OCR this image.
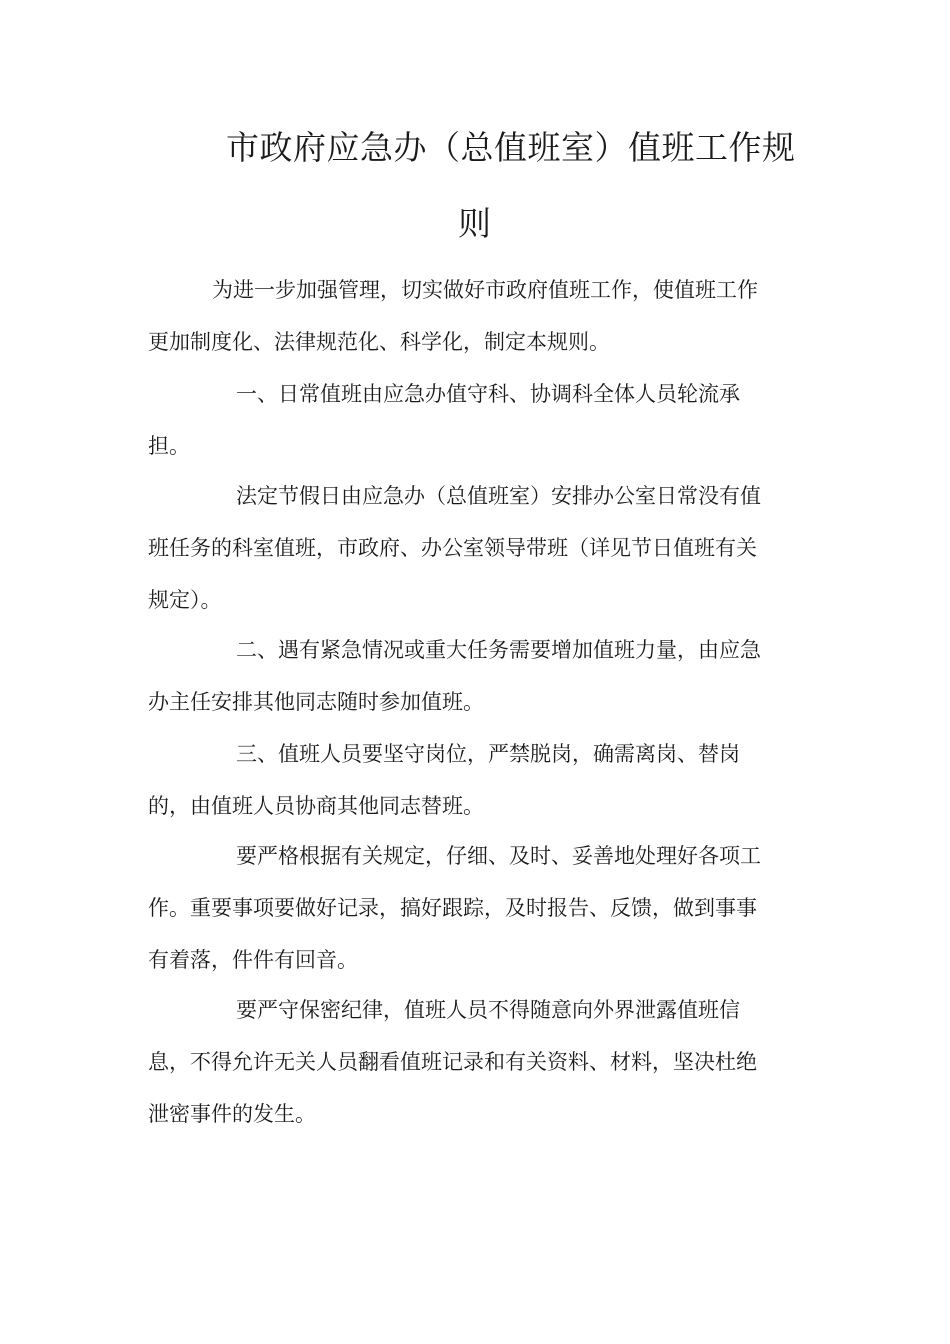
市政府应急办（总值班室）值班工作规
则
为进一步加强管理，切实做好市政府值班工作，使值班工作
更加制度化、法律规范化、科学化，制定本规则。
一、日常值班由应急办值守科、协调科全体人员轮流承
担。
法定节假日由应急办（总值班室）安排办公室日常没有值
班任务的科室值班，市政府、办公室领导带班（详见节日值班有关
规定）。
二、遇有紧急情况或重大任务需要增加值班力量，由应急
办主任安排其他同志随时参加值班。
三、值班人员要坚守岗位，严禁脱岗，确需离岗、替岗
的，由值班人员协商其他同志替班。
要严格根据有关规定，仔细、及时、妥善地处理好各项工
作。重要事项要做好记录，搞好跟踪，及时报告、反馈，做到事事
有着落，件件有回音。
要严守保密纪律，值班人员不得随意向外界泄露值班信
息，不得允许无关人员翻看值班记录和有关资料、材料，坚决杜绝
泄密事件的发生。
